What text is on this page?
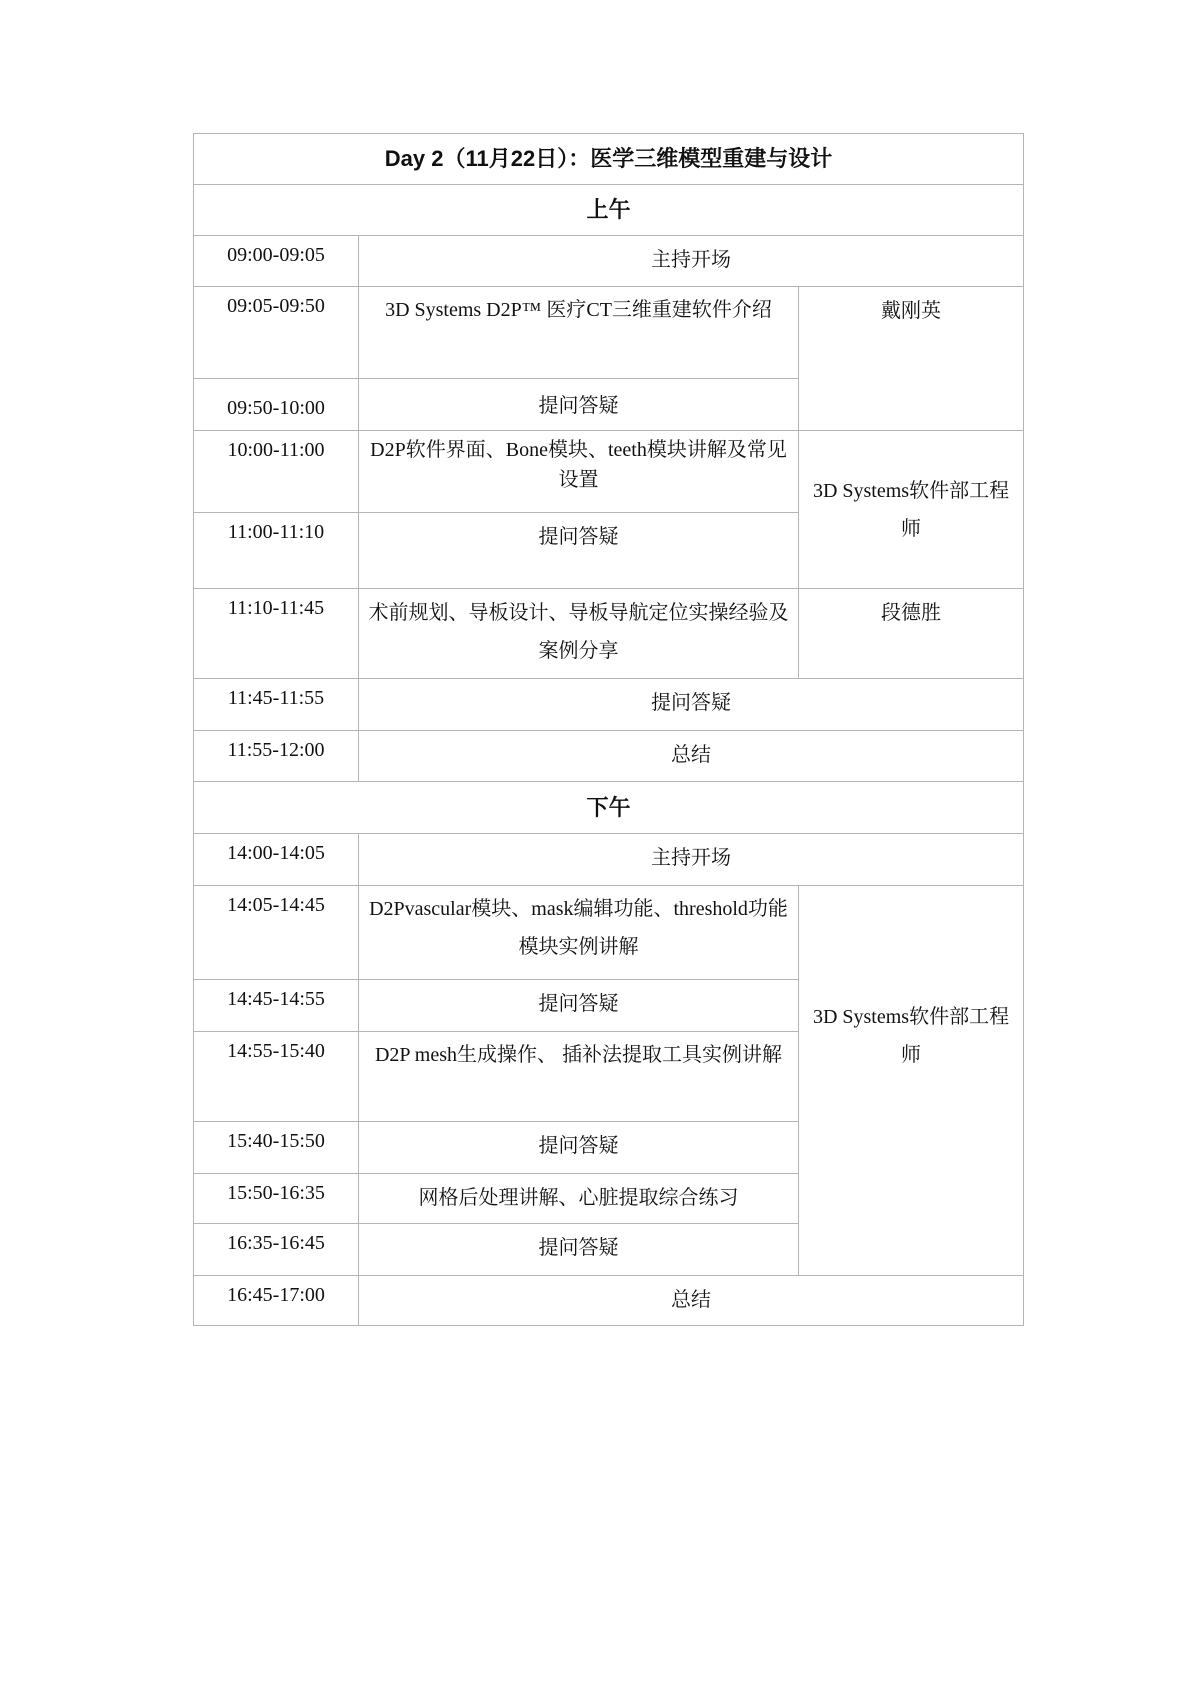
Day 2（11月22日）：医学三维模型重建与设计		
上午		
09:00-09:05	主持开场	
09:05-09:50	3D Systems D2P™ 医疗CT三维重建软件介绍	戴刚英
09:50-10:00	提问答疑	
10:00-11:00	D2P软件界面、Bone模块、teeth模块讲解及常见设置	3D Systems软件部工程师
11:00-11:10	提问答疑	
11:10-11:45	术前规划、导板设计、导板导航定位实操经验及案例分享	段德胜
11:45-11:55	提问答疑	
11:55-12:00	总结	
下午		
14:00-14:05	主持开场	
14:05-14:45	D2Pvascular模块、mask编辑功能、threshold功能模块实例讲解	3D Systems软件部工程师
14:45-14:55	提问答疑	
14:55-15:40	D2P mesh生成操作、 插补法提取工具实例讲解	
15:40-15:50	提问答疑	
15:50-16:35	网格后处理讲解、心脏提取综合练习	
16:35-16:45	提问答疑	
16:45-17:00	总结	
